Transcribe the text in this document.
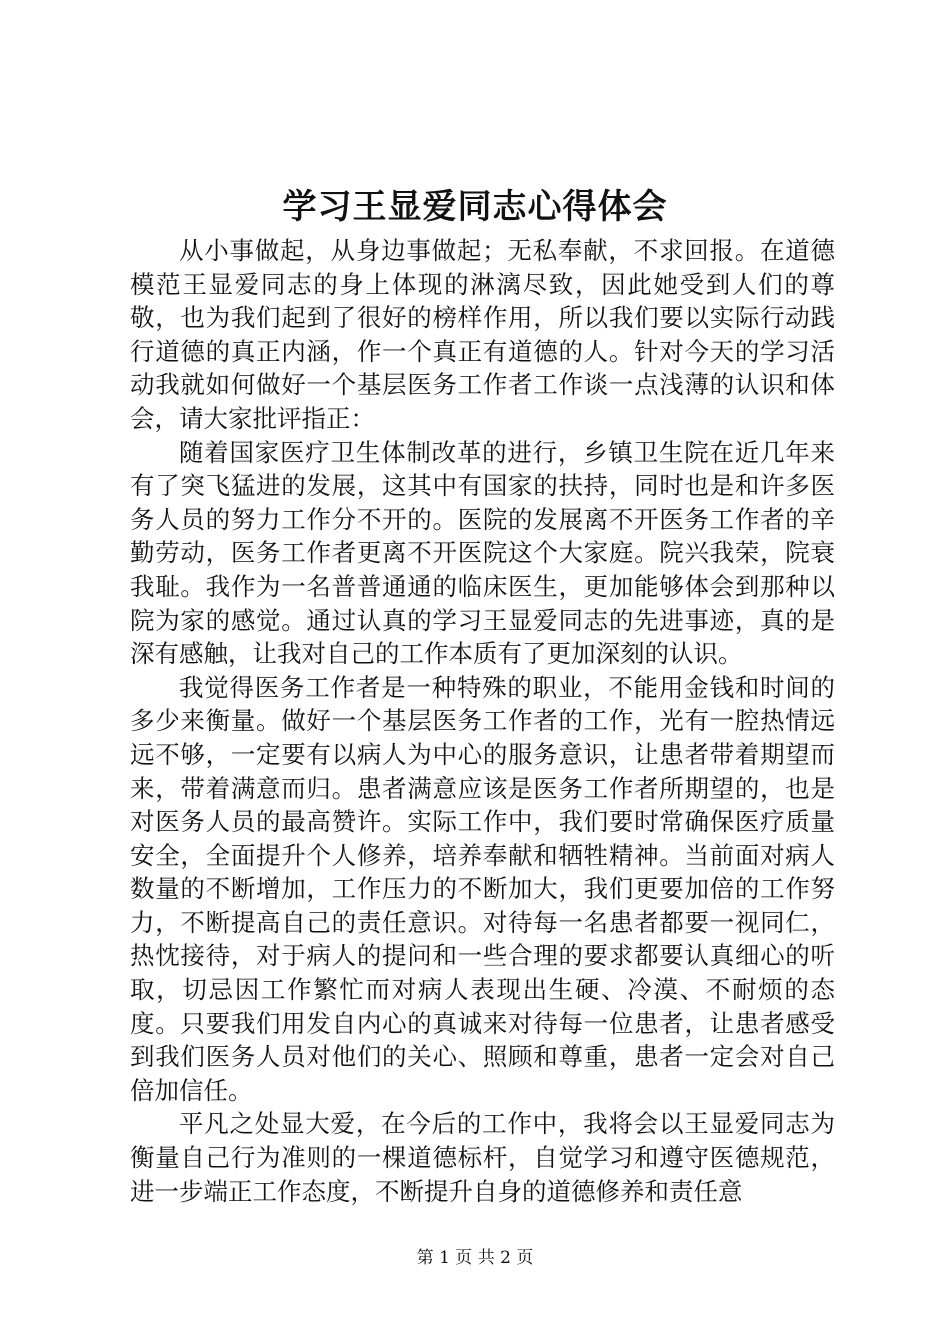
学习王显爱同志心得体会

从小事做起，从身边事做起；无私奉献，不求回报。在道德模范王显爱同志的身上体现的淋漓尽致，因此她受到人们的尊敬，也为我们起到了很好的榜样作用，所以我们要以实际行动践行道德的真正内涵，作一个真正有道德的人。针对今天的学习活动我就如何做好一个基层医务工作者工作谈一点浅薄的认识和体会，请大家批评指正：

随着国家医疗卫生体制改革的进行，乡镇卫生院在近几年来有了突飞猛进的发展，这其中有国家的扶持，同时也是和许多医务人员的努力工作分不开的。医院的发展离不开医务工作者的辛勤劳动，医务工作者更离不开医院这个大家庭。院兴我荣，院衰我耻。我作为一名普普通通的临床医生，更加能够体会到那种以院为家的感觉。通过认真的学习王显爱同志的先进事迹，真的是深有感触，让我对自己的工作本质有了更加深刻的认识。

我觉得医务工作者是一种特殊的职业，不能用金钱和时间的多少来衡量。做好一个基层医务工作者的工作，光有一腔热情远远不够，一定要有以病人为中心的服务意识，让患者带着期望而来，带着满意而归。患者满意应该是医务工作者所期望的，也是对医务人员的最高赞许。实际工作中，我们要时常确保医疗质量安全，全面提升个人修养，培养奉献和牺牲精神。当前面对病人数量的不断增加，工作压力的不断加大，我们更要加倍的工作努力，不断提高自己的责任意识。对待每一名患者都要一视同仁，热忱接待，对于病人的提问和一些合理的要求都要认真细心的听取，切忌因工作繁忙而对病人表现出生硬、冷漠、不耐烦的态度。只要我们用发自内心的真诚来对待每一位患者，让患者感受到我们医务人员对他们的关心、照顾和尊重，患者一定会对自己倍加信任。

平凡之处显大爱，在今后的工作中，我将会以王显爱同志为衡量自己行为准则的一棵道德标杆，自觉学习和遵守医德规范，进一步端正工作态度，不断提升自身的道德修养和责任意

第 1 页 共 2 页
